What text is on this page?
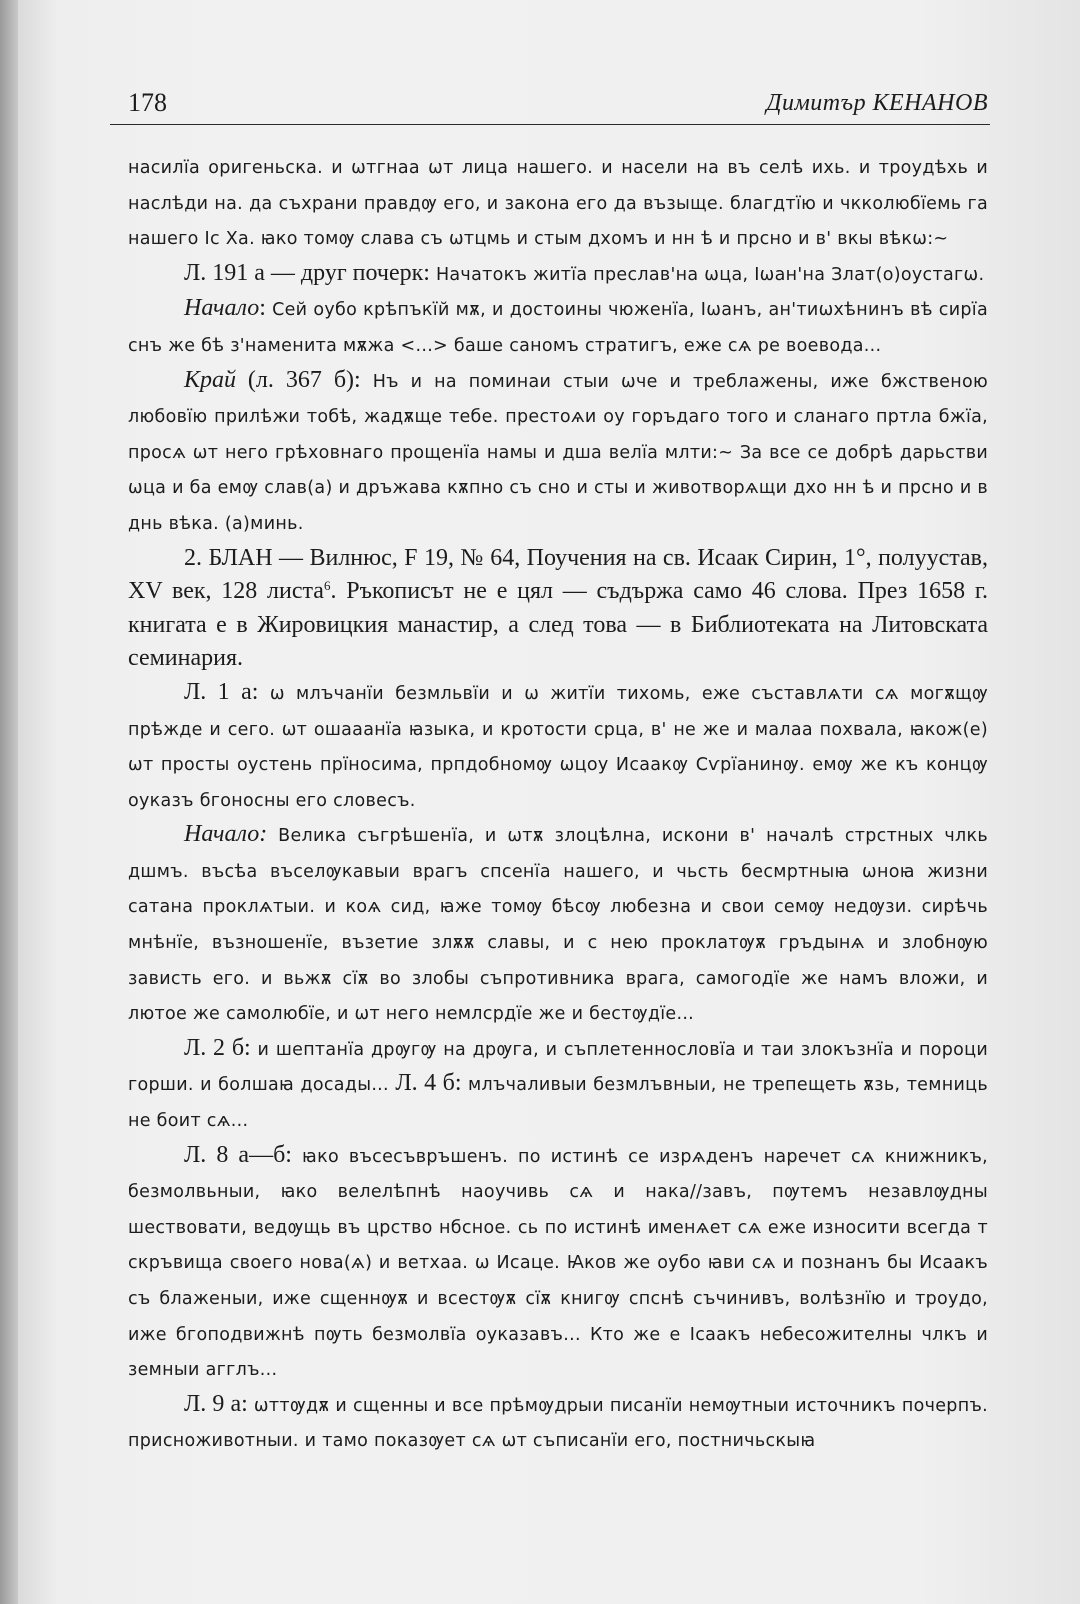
178	Димитър КЕНАНОВ

насилїа оригеньска. и ѡтгнаа ѡт лица нашего. и насели на въ селѣ ихь. и троудѣхь и наслѣди на. да съхрани правдѹ его, и закона его да възыще. благдтїю и чкколюбїемь га нашего Іс Ха. ꙗко томѹ слава съ ѡтцмь и стым дхомъ и нн ѣ и прсно и в' вкы вѣкѡ:~

Л. 191 а — друг почерк: Начатокъ житїа преслав'на ѡца, Іѡан'на Злат(о)оустагѡ.

Начало: Сей оубо крѣпъкїй мѫ, и достоины чюженїа, Іѡанъ, ан'тиѡхѣнинъ вѣ сирїа снъ же бѣ з'наменита мѫжа <...> баше саномъ стратигъ, еже сѧ ре воевода...

Край (л. 367 б): Нъ и на поминаи стыи ѡче и треблажены, иже бжственою любовїю прилѣжи тобѣ, жадѫще тебе. престоѧи оу горъдаго того и сланаго пртла бжїа, просѧ ѡт него грѣховнаго прощенїа намы и дша велїа млти:~ За все се добрѣ дарьстви ѡца и ба емѹ слав(а) и дръжава кѫпно съ сно и сты и животворѧщи дхо нн ѣ и прсно и в днь вѣка. (а)минь.

2. БЛАН — Вилнюс, F 19, № 64, Поучения на св. Исаак Сирин, 1°, полуустав, XV век, 128 листа$^6$. Ръкописът не е цял — съдържа само 46 слова. През 1658 г. книгата е в Жировицкия манастир, а след това — в Библиотеката на Литовската семинария.

Л. 1 а: ѡ млъчанїи безмльвїи и ѡ житїи тихомь, еже съставлѧти сѧ могѫщѹ прѣжде и сего. ѡт ошааанїа ꙗзыка, и кротости срца, в' не же и малаа похвала, ꙗкож(е) ѡт просты оустень прїносима, прпдобномѹ ѡцоу Исаакѹ Сѵрїанинѹ. емѹ же къ концѹ оуказъ бгоносны его словесъ.

Начало: Велика съгрѣшенїа, и ѡтѫ злоцѣлна, искони в' началѣ стрстных члкь дшмъ. въсѣа въселѹкавыи врагъ спсенїа нашего, и чьсть бесмртныꙗ ѡноꙗ жизни сатана проклѧтыи. и коѧ сид, ꙗже томѹ бѣсѹ любезна и свои семѹ недѹзи. сирѣчь мнѣнїе, възношенїе, възетие злѫѫ славы, и с нею проклатѹѫ гръдынѧ и злобнѹю зависть его. и вьжѫ сїѫ во злобы съпротивника врага, самогодїе же намъ вложи, и лютое же самолюбїе, и ѡт него немлсрдїе же и бестѹдїе...

Л. 2 б: и шептанїа дрѹгѹ на дрѹга, и съплетеннословїа и таи злокъзнїа и пороци горши. и болшаꙗ досады... Л. 4 б: млъчаливыи безмлъвныи, не трепещеть ѫзь, темниць не боит сѧ...

Л. 8 а—б: ꙗко въсесъвръшенъ. по истинѣ се изрѧденъ наречет сѧ книжникъ, безмолвьныи, ꙗко велелѣпнѣ наоучивь сѧ и нака//завъ, пѹтемъ незавлѹдны шествовати, ведѹщь въ црство нбсное. сь по истинѣ именѧет сѧ еже износити всегда т скръвища своего нова(ѧ) и ветхаа. ѡ Исаце. Ꙗков же оубо ꙗви сѧ и познанъ бы Исаакъ съ блаженыи, иже сщеннѹѫ и всестѹѫ сїѫ книгѹ спснѣ съчинивъ, волѣзнїю и троудо, иже бгоподвижнѣ пѹть безмолвїа оуказавъ... Кто же е Ісаакъ небесожителны члкъ и земныи агглъ...

Л. 9 а: ѡттѹдѫ и сщенны и все прѣмѹдрыи писанїи немѹтныи источникъ почерпъ. присноживотныи. и тамо показѹет сѧ ѡт съписанїи его, постничьскыꙗ
